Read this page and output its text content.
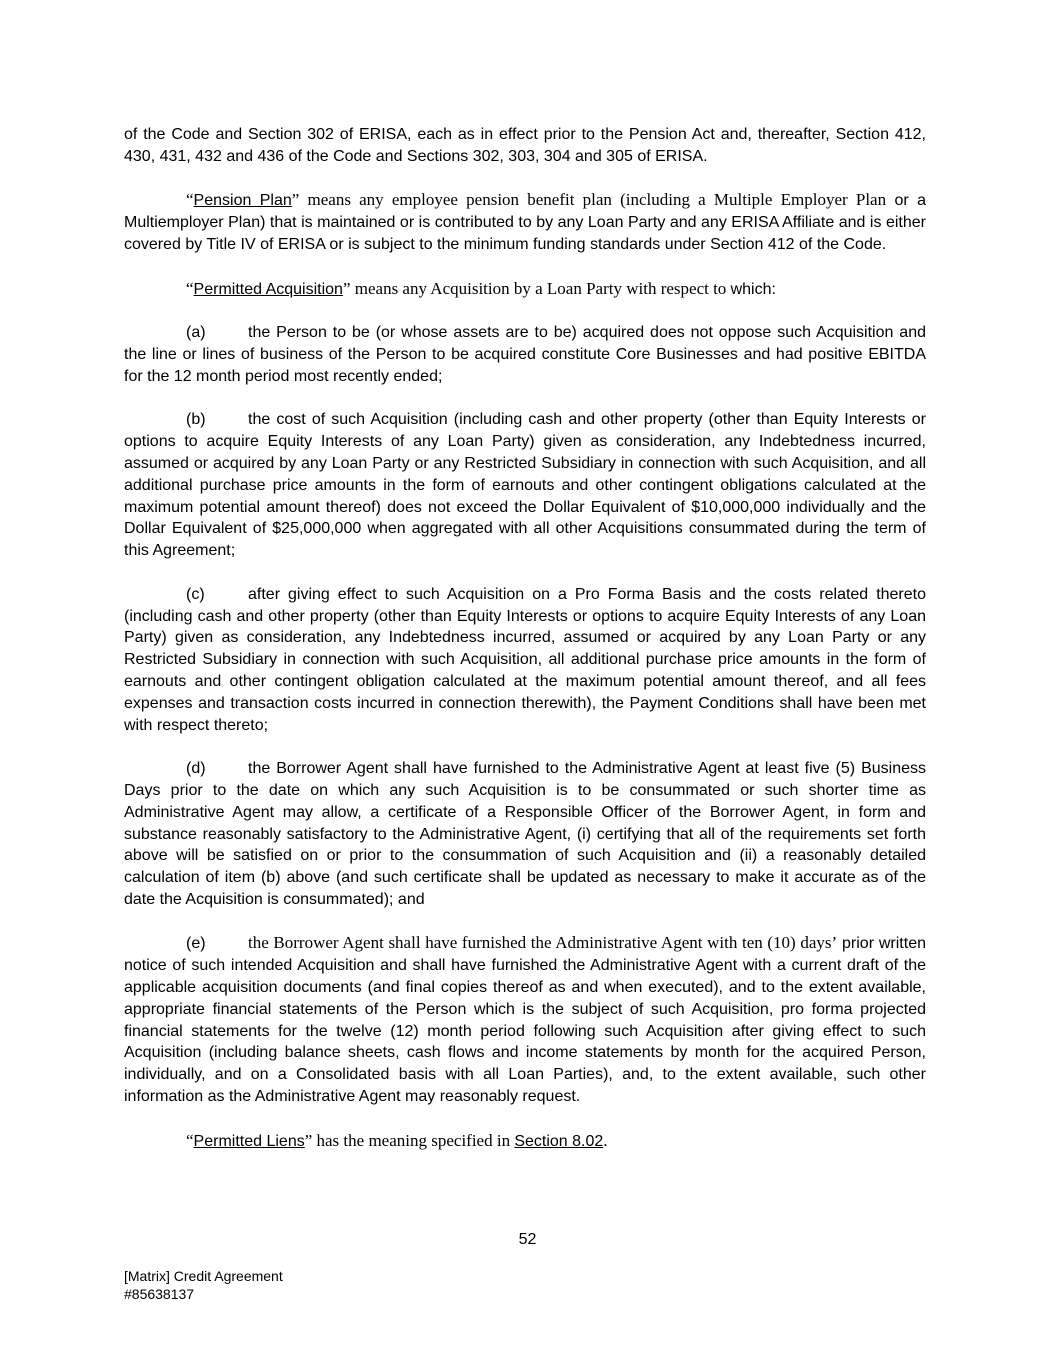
of the Code and Section 302 of ERISA, each as in effect prior to the Pension Act and, thereafter, Section 412, 430, 431, 432 and 436 of the Code and Sections 302, 303, 304 and 305 of ERISA.

“Pension Plan” means any employee pension benefit plan (including a Multiple Employer Plan or a Multiemployer Plan) that is maintained or is contributed to by any Loan Party and any ERISA Affiliate and is either covered by Title IV of ERISA or is subject to the minimum funding standards under Section 412 of the Code.

“Permitted Acquisition” means any Acquisition by a Loan Party with respect to which:

(a)	the Person to be (or whose assets are to be) acquired does not oppose such Acquisition and the line or lines of business of the Person to be acquired constitute Core Businesses and had positive EBITDA for the 12 month period most recently ended;

(b)	the cost of such Acquisition (including cash and other property (other than Equity Interests or options to acquire Equity Interests of any Loan Party) given as consideration, any Indebtedness incurred, assumed or acquired by any Loan Party or any Restricted Subsidiary in connection with such Acquisition, and all additional purchase price amounts in the form of earnouts and other contingent obligations calculated at the maximum potential amount thereof) does not exceed the Dollar Equivalent of $10,000,000 individually and the Dollar Equivalent of $25,000,000 when aggregated with all other Acquisitions consummated during the term of this Agreement;

(c)	after giving effect to such Acquisition on a Pro Forma Basis and the costs related thereto (including cash and other property (other than Equity Interests or options to acquire Equity Interests of any Loan Party) given as consideration, any Indebtedness incurred, assumed or acquired by any Loan Party or any Restricted Subsidiary in connection with such Acquisition, all additional purchase price amounts in the form of earnouts and other contingent obligation calculated at the maximum potential amount thereof, and all fees expenses and transaction costs incurred in connection therewith), the Payment Conditions shall have been met with respect thereto;

(d)	the Borrower Agent shall have furnished to the Administrative Agent at least five (5) Business Days prior to the date on which any such Acquisition is to be consummated or such shorter time as Administrative Agent may allow, a certificate of a Responsible Officer of the Borrower Agent, in form and substance reasonably satisfactory to the Administrative Agent, (i) certifying that all of the requirements set forth above will be satisfied on or prior to the consummation of such Acquisition and (ii) a reasonably detailed calculation of item (b) above (and such certificate shall be updated as necessary to make it accurate as of the date the Acquisition is consummated); and

(e) the Borrower Agent shall have furnished the Administrative Agent with ten (10) days’ prior written notice of such intended Acquisition and shall have furnished the Administrative Agent with a current draft of the applicable acquisition documents (and final copies thereof as and when executed), and to the extent available, appropriate financial statements of the Person which is the subject of such Acquisition, pro forma projected financial statements for the twelve (12) month period following such Acquisition after giving effect to such Acquisition (including balance sheets, cash flows and income statements by month for the acquired Person, individually, and on a Consolidated basis with all Loan Parties), and, to the extent available, such other information as the Administrative Agent may reasonably request.

“Permitted Liens” has the meaning specified in Section 8.02.

52
[Matrix] Credit Agreement
#85638137
